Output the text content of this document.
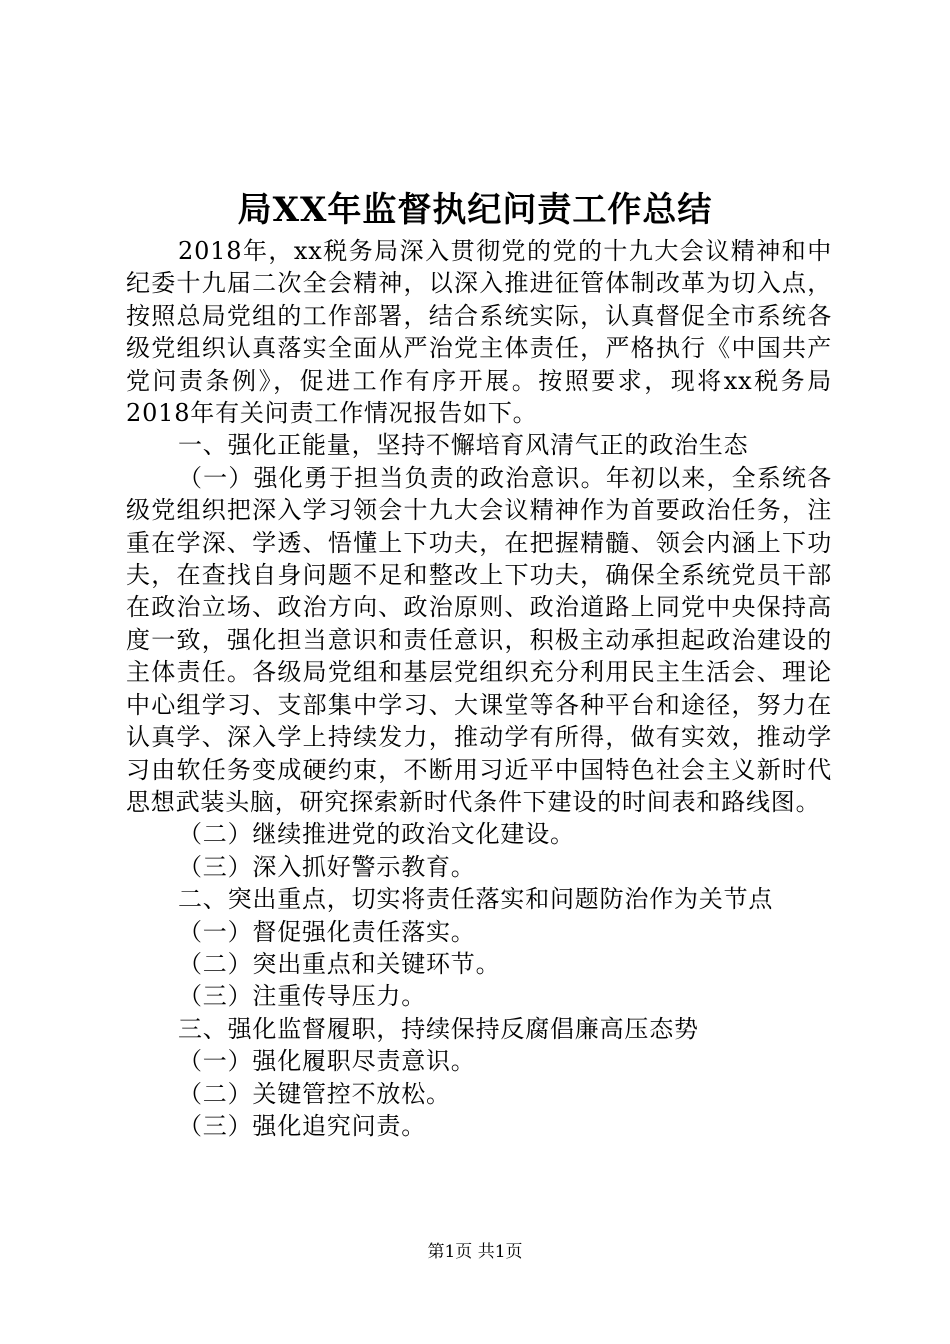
局XX年监督执纪问责工作总结

2018年，xx税务局深入贯彻党的党的十九大会议精神和中纪委十九届二次全会精神，以深入推进征管体制改革为切入点，按照总局党组的工作部署，结合系统实际，认真督促全市系统各级党组织认真落实全面从严治党主体责任，严格执行《中国共产党问责条例》，促进工作有序开展。按照要求，现将xx税务局2018年有关问责工作情况报告如下。

一、强化正能量，坚持不懈培育风清气正的政治生态

（一）强化勇于担当负责的政治意识。年初以来，全系统各级党组织把深入学习领会十九大会议精神作为首要政治任务，注重在学深、学透、悟懂上下功夫，在把握精髓、领会内涵上下功夫，在查找自身问题不足和整改上下功夫，确保全系统党员干部在政治立场、政治方向、政治原则、政治道路上同党中央保持高度一致，强化担当意识和责任意识，积极主动承担起政治建设的主体责任。各级局党组和基层党组织充分利用民主生活会、理论中心组学习、支部集中学习、大课堂等各种平台和途径，努力在认真学、深入学上持续发力，推动学有所得，做有实效，推动学习由软任务变成硬约束，不断用习近平中国特色社会主义新时代思想武装头脑，研究探索新时代条件下建设的时间表和路线图。

（二）继续推进党的政治文化建设。

（三）深入抓好警示教育。

二、突出重点，切实将责任落实和问题防治作为关节点

（一）督促强化责任落实。

（二）突出重点和关键环节。

（三）注重传导压力。

三、强化监督履职，持续保持反腐倡廉高压态势

（一）强化履职尽责意识。

（二）关键管控不放松。

（三）强化追究问责。

第1页 共1页
